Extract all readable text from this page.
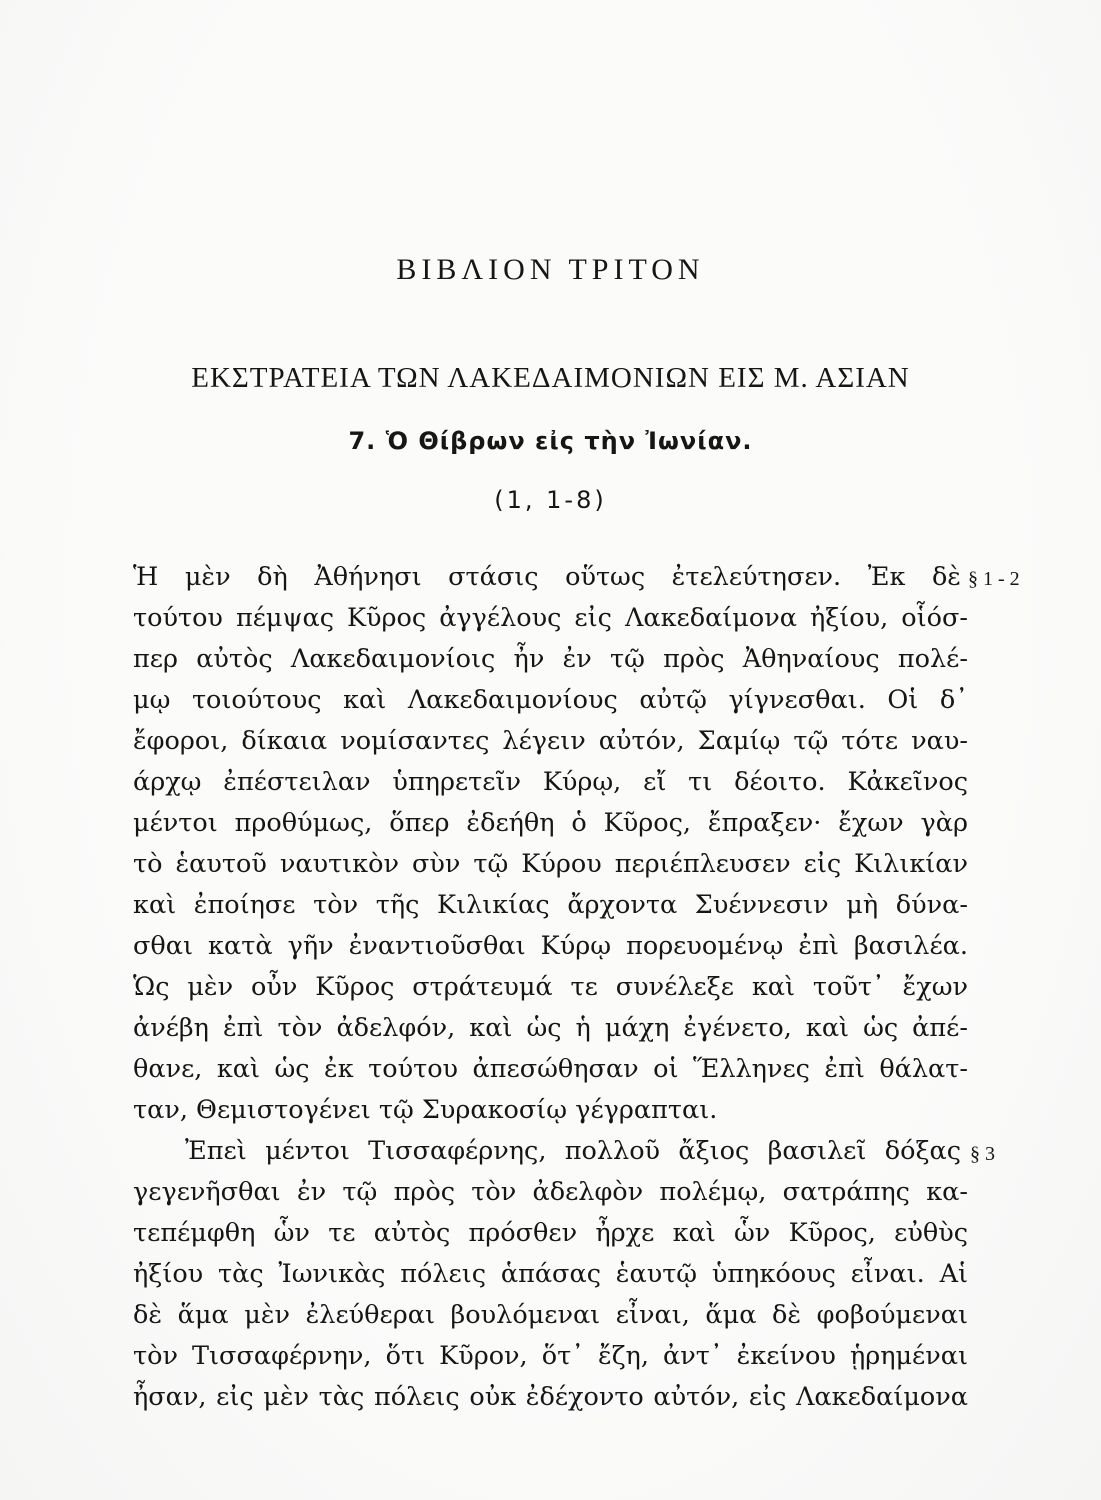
ΒΙΒΛΙΟΝ ΤΡΙΤΟΝ
ΕΚΣΤΡΑΤΕΙΑ ΤΩΝ ΛΑΚΕΔΑΙΜΟΝΙΩΝ ΕΙΣ Μ. ΑΣΙΑΝ
7. Ὁ Θίβρων εἰς τὴν Ἰωνίαν.
(1, 1-8)
Ἡ μὲν δὴ Ἀθήνησι στάσις οὕτως ἐτελεύτησεν. Ἐκ δὲ
τούτου πέμψας Κῦρος ἀγγέλους εἰς Λακεδαίμονα ἠξίου, οἷόσ-
περ αὐτὸς Λακεδαιμονίοις ἦν ἐν τῷ πρὸς Ἀθηναίους πολέ-
μῳ τοιούτους καὶ Λακεδαιμονίους αὐτῷ γίγνεσθαι. Οἱ δ᾽
ἔφοροι, δίκαια νομίσαντες λέγειν αὐτόν, Σαμίῳ τῷ τότε ναυ-
άρχῳ ἐπέστειλαν ὑπηρετεῖν Κύρῳ, εἴ τι δέοιτο. Κἀκεῖνος
μέντοι προθύμως, ὅπερ ἐδεήθη ὁ Κῦρος, ἔπραξεν· ἔχων γὰρ
τὸ ἑαυτοῦ ναυτικὸν σὺν τῷ Κύρου περιέπλευσεν εἰς Κιλικίαν
καὶ ἐποίησε τὸν τῆς Κιλικίας ἄρχοντα Συέννεσιν μὴ δύνα-
σθαι κατὰ γῆν ἐναντιοῦσθαι Κύρῳ πορευομένῳ ἐπὶ βασιλέα.
Ὡς μὲν οὖν Κῦρος στράτευμά τε συνέλεξε καὶ τοῦτ᾽ ἔχων
ἀνέβη ἐπὶ τὸν ἀδελφόν, καὶ ὡς ἡ μάχη ἐγένετο, καὶ ὡς ἀπέ-
θανε, καὶ ὡς ἐκ τούτου ἀπεσώθησαν οἱ Ἕλληνες ἐπὶ θάλατ-
ταν, Θεμιστογένει τῷ Συρακοσίῳ γέγραπται.
Ἐπεὶ μέντοι Τισσαφέρνης, πολλοῦ ἄξιος βασιλεῖ δόξας
γεγενῆσθαι ἐν τῷ πρὸς τὸν ἀδελφὸν πολέμῳ, σατράπης κα-
τεπέμφθη ὧν τε αὐτὸς πρόσθεν ἦρχε καὶ ὧν Κῦρος, εὐθὺς
ἠξίου τὰς Ἰωνικὰς πόλεις ἁπάσας ἑαυτῷ ὑπηκόους εἶναι. Αἱ
δὲ ἅμα μὲν ἐλεύθεραι βουλόμεναι εἶναι, ἅμα δὲ φοβούμεναι
τὸν Τισσαφέρνην, ὅτι Κῦρον, ὅτ᾽ ἔζη, ἀντ᾽ ἐκείνου ᾑρημέναι
ἦσαν, εἰς μὲν τὰς πόλεις οὐκ ἐδέχοντο αὐτόν, εἰς Λακεδαίμονα
§ 1 - 2
§ 3
